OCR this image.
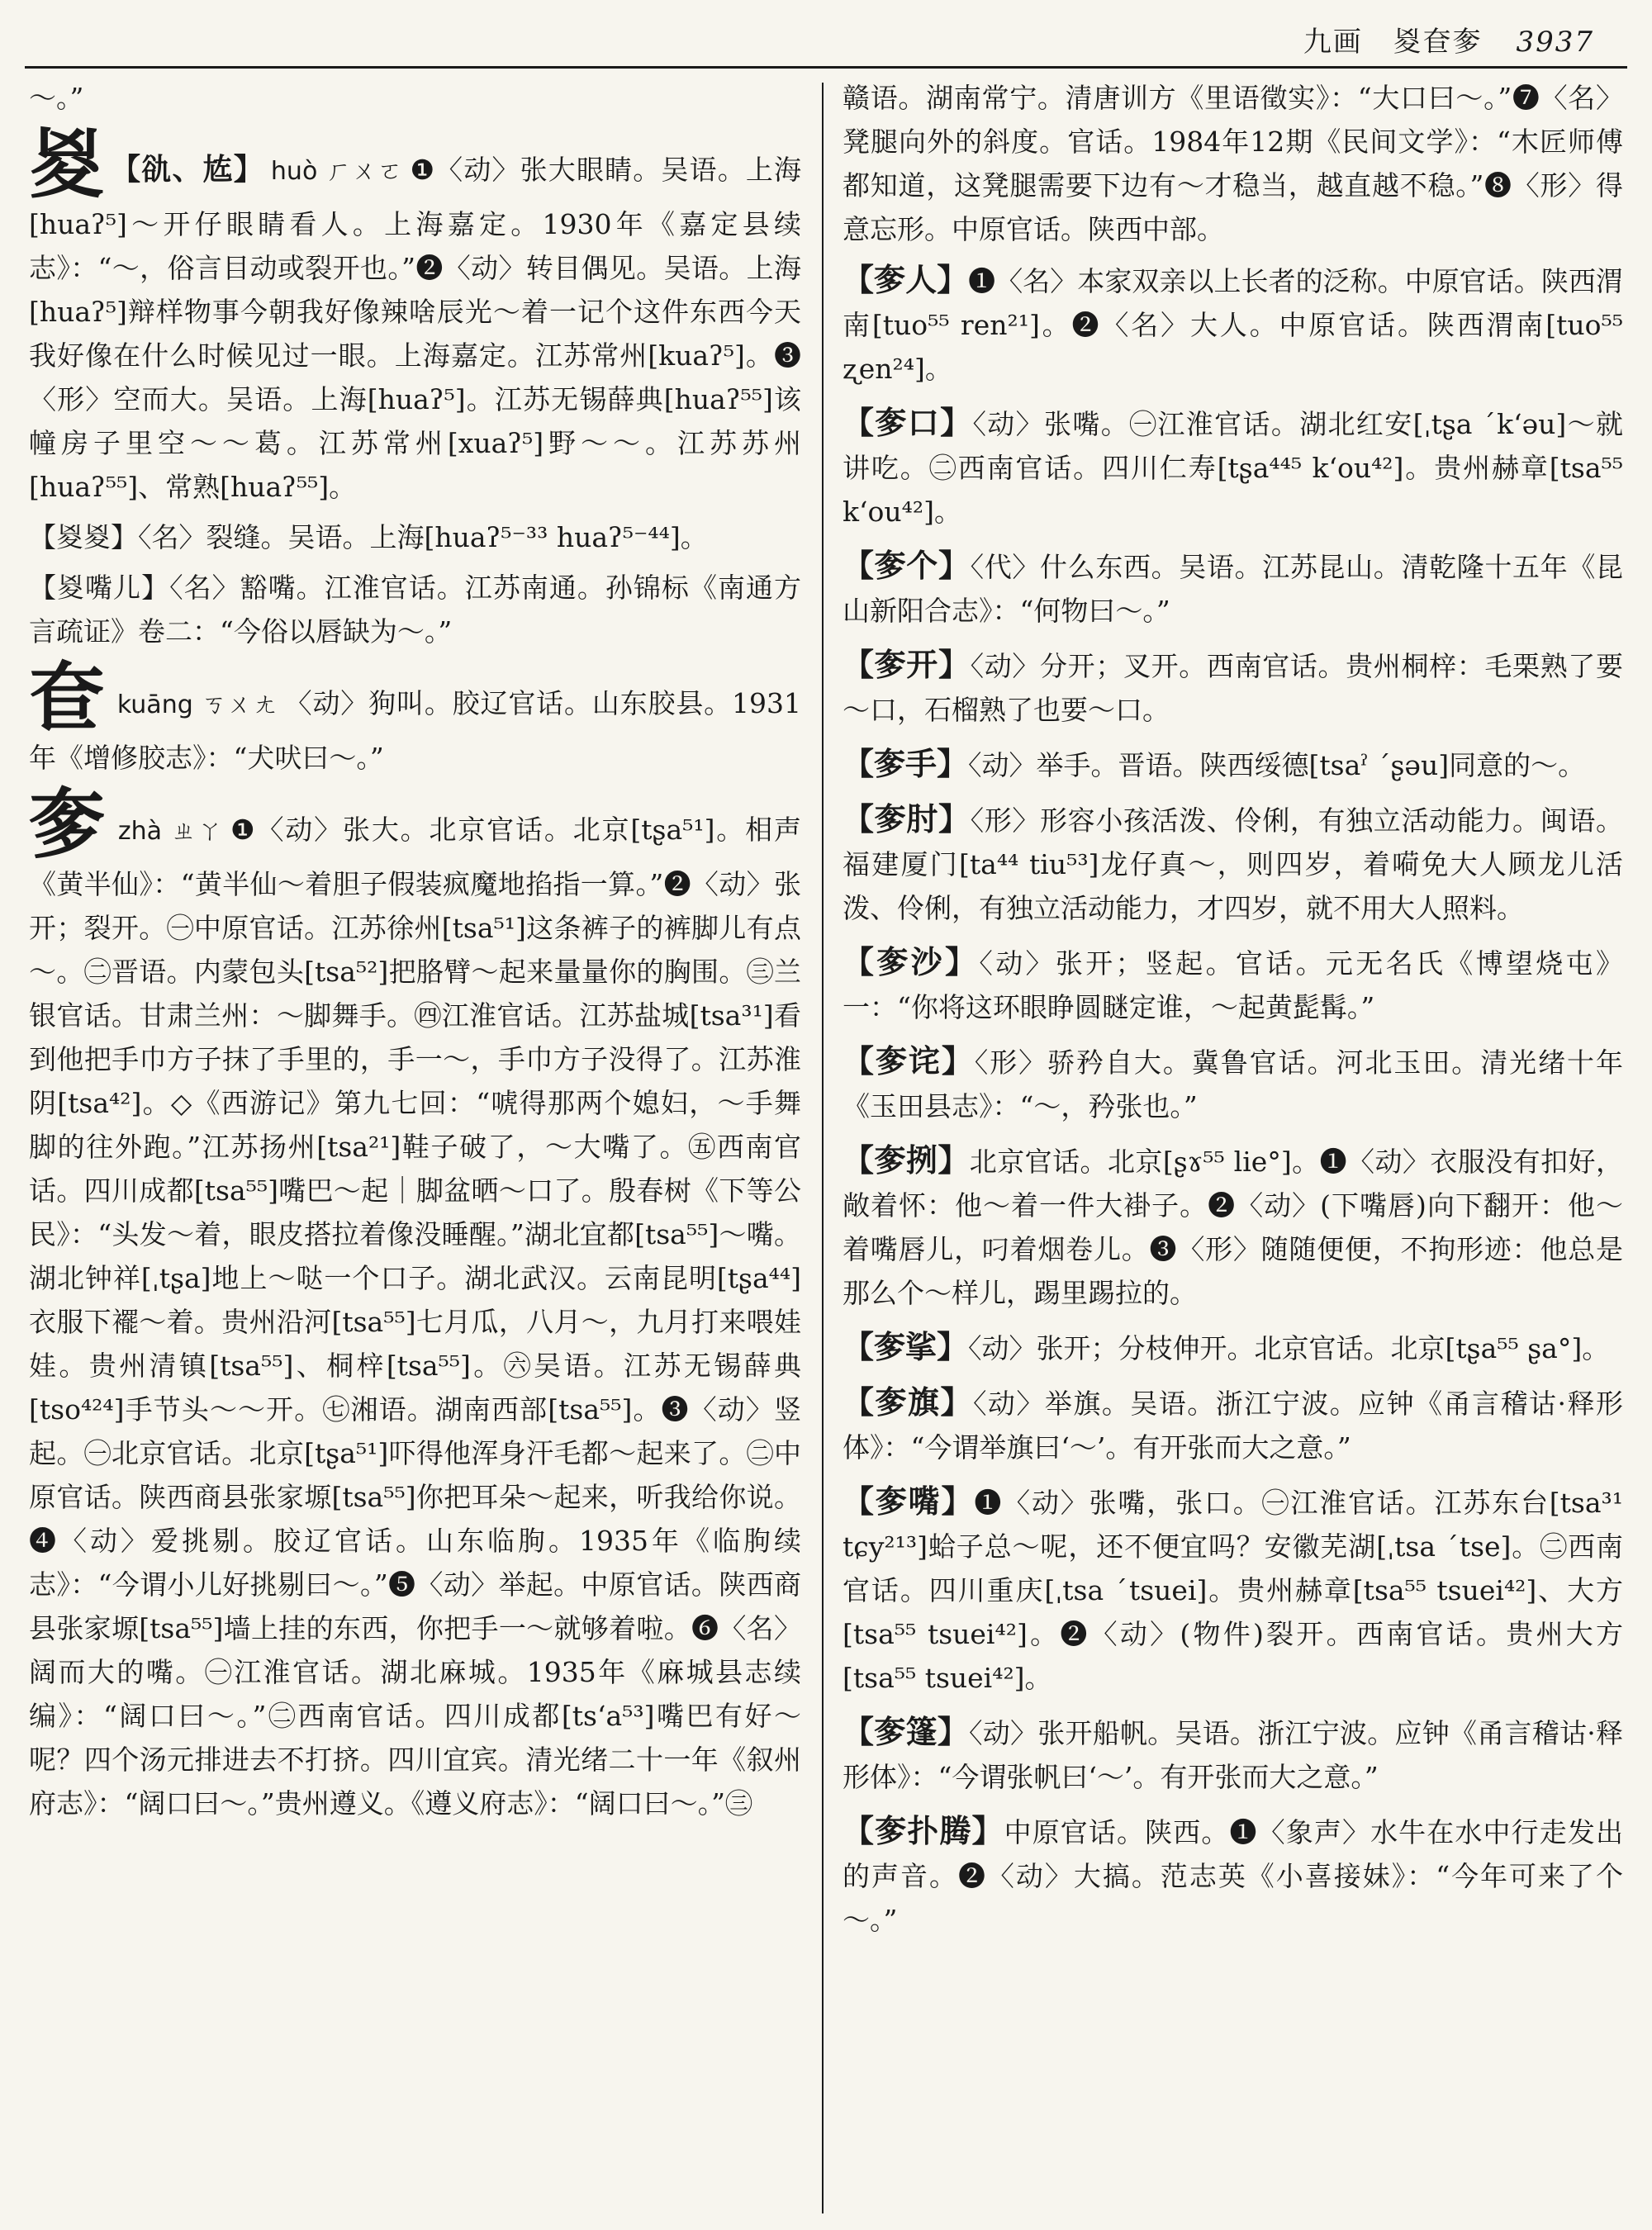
九画 㚇奆奓 3937

～。”

㚇 【䜪、㝾】 huò ㄏㄨㄛ ❶〈动〉张大眼睛。吴语。上海[huaʔ⁵]～开仔眼睛看人。上海嘉定。1930年《嘉定县续志》：“～，俗言目动或裂开也。”❷〈动〉转目偶见。吴语。上海[huaʔ⁵]辩样物事今朝我好像辣啥辰光～着一记个这件东西今天我好像在什么时候见过一眼。上海嘉定。江苏常州[kuaʔ⁵]。❸〈形〉空而大。吴语。上海[huaʔ⁵]。江苏无锡薛典[huaʔ⁵⁵]该幢房子里空～～葛。江苏常州[xuaʔ⁵]野～～。江苏苏州[huaʔ⁵⁵]、常熟[huaʔ⁵⁵]。

【㚇㚇】〈名〉裂缝。吴语。上海[huaʔ⁵⁻³³ huaʔ⁵⁻⁴⁴]。

【㚇嘴儿】〈名〉豁嘴。江淮官话。江苏南通。孙锦标《南通方言疏证》卷二：“今俗以唇缺为～。”

奆kuāng ㄎㄨㄤ 〈动〉狗叫。胶辽官话。山东胶县。1931年《增修胶志》：“犬吠曰～。”

奓zhà ㄓㄚ ❶〈动〉张大。北京官话。北京[tʂa⁵¹]。相声《黄半仙》：“黄半仙～着胆子假装疯魔地掐指一算。”❷〈动〉张开；裂开。㊀中原官话。江苏徐州[tsa⁵¹]这条裤子的裤脚儿有点～。㊁晋语。内蒙包头[tsa⁵²]把胳臂～起来量量你的胸围。㊂兰银官话。甘肃兰州：～脚舞手。㊃江淮官话。江苏盐城[tsa³¹]看到他把手巾方子抹了手里的，手一～，手巾方子没得了。江苏淮阴[tsa⁴²]。◇《西游记》第九七回：“唬得那两个媳妇，～手舞脚的往外跑。”江苏扬州[tsa²¹]鞋子破了，～大嘴了。㊄西南官话。四川成都[tsa⁵⁵]嘴巴～起｜脚盆晒～口了。殷春树《下等公民》：“头发～着，眼皮搭拉着像没睡醒。”湖北宜都[tsa⁵⁵]～嘴。湖北钟祥[ˌtʂa]地上～哒一个口子。湖北武汉。云南昆明[tʂa⁴⁴]衣服下襬～着。贵州沿河[tsa⁵⁵]七月瓜，八月～，九月打来喂娃娃。贵州清镇[tsa⁵⁵]、桐梓[tsa⁵⁵]。㊅吴语。江苏无锡薛典[tso⁴²⁴]手节头～～开。㊆湘语。湖南西部[tsa⁵⁵]。❸〈动〉竖起。㊀北京官话。北京[tʂa⁵¹]吓得他浑身汗毛都～起来了。㊁中原官话。陕西商县张家塬[tsa⁵⁵]你把耳朵～起来，听我给你说。❹〈动〉爱挑剔。胶辽官话。山东临朐。1935年《临朐续志》：“今谓小儿好挑剔曰～。”❺〈动〉举起。中原官话。陕西商县张家塬[tsa⁵⁵]墙上挂的东西，你把手一～就够着啦。❻〈名〉阔而大的嘴。㊀江淮官话。湖北麻城。1935年《麻城县志续编》：“阔口曰～。”㊁西南官话。四川成都[ts‘a⁵³]嘴巴有好～呢？四个汤元排进去不打挤。四川宜宾。清光绪二十一年《叙州府志》：“阔口曰～。”贵州遵义。《遵义府志》：“阔口曰～。”㊂

赣语。湖南常宁。清唐训方《里语徵实》：“大口曰～。”❼〈名〉凳腿向外的斜度。官话。1984年12期《民间文学》：“木匠师傅都知道，这凳腿需要下边有～才稳当，越直越不稳。”❽〈形〉得意忘形。中原官话。陕西中部。

【奓人】❶〈名〉本家双亲以上长者的泛称。中原官话。陕西渭南[tuo⁵⁵ ren²¹]。❷〈名〉大人。中原官话。陕西渭南[tuo⁵⁵ ʐen²⁴]。

【奓口】〈动〉张嘴。㊀江淮官话。湖北红安[ˌtʂa ˊk‘əu]～就讲吃。㊁西南官话。四川仁寿[tʂa⁴⁴⁵ k‘ou⁴²]。贵州赫章[tsa⁵⁵ k‘ou⁴²]。

【奓个】〈代〉什么东西。吴语。江苏昆山。清乾隆十五年《昆山新阳合志》：“何物曰～。”

【奓开】〈动〉分开；叉开。西南官话。贵州桐梓：毛栗熟了要～口，石榴熟了也要～口。

【奓手】〈动〉举手。晋语。陕西绥德[tsaˀ ˊʂəu]同意的～。

【奓肘】〈形〉形容小孩活泼、伶俐，有独立活动能力。闽语。福建厦门[ta⁴⁴ tiu⁵³]龙仔真～，则四岁，着嗬免大人顾龙儿活泼、伶俐，有独立活动能力，才四岁，就不用大人照料。

【奓沙】〈动〉张开；竖起。官话。元无名氏《博望烧屯》一：“你将这环眼睁圆瞇定谁，～起黄髭髯。”

【奓诧】〈形〉骄矜自大。冀鲁官话。河北玉田。清光绪十年《玉田县志》：“～，矜张也。”

【奓挒】北京官话。北京[ʂɤ⁵⁵ lie°]。❶〈动〉衣服没有扣好，敞着怀：他～着一件大褂子。❷〈动〉(下嘴唇)向下翻开：他～着嘴唇儿，叼着烟卷儿。❸〈形〉随随便便，不拘形迹：他总是那么个～样儿，踢里踢拉的。

【奓挲】〈动〉张开；分枝伸开。北京官话。北京[tʂa⁵⁵ ʂa°]。

【奓旗】〈动〉举旗。吴语。浙江宁波。应钟《甬言稽诂·释形体》：“今谓举旗曰‘～’。有开张而大之意。”

【奓嘴】❶〈动〉张嘴，张口。㊀江淮官话。江苏东台[tsa³¹ tɕy²¹³]蛤子总～呢，还不便宜吗？安徽芜湖[ˌtsa ˊtse]。㊁西南官话。四川重庆[ˌtsa ˊtsuei]。贵州赫章[tsa⁵⁵ tsuei⁴²]、大方[tsa⁵⁵ tsuei⁴²]。❷〈动〉(物件)裂开。西南官话。贵州大方[tsa⁵⁵ tsuei⁴²]。

【奓篷】〈动〉张开船帆。吴语。浙江宁波。应钟《甬言稽诂·释形体》：“今谓张帆曰‘～’。有开张而大之意。”

【奓扑腾】中原官话。陕西。❶〈象声〉水牛在水中行走发出的声音。❷〈动〉大搞。范志英《小喜接妹》：“今年可来了个～。”
